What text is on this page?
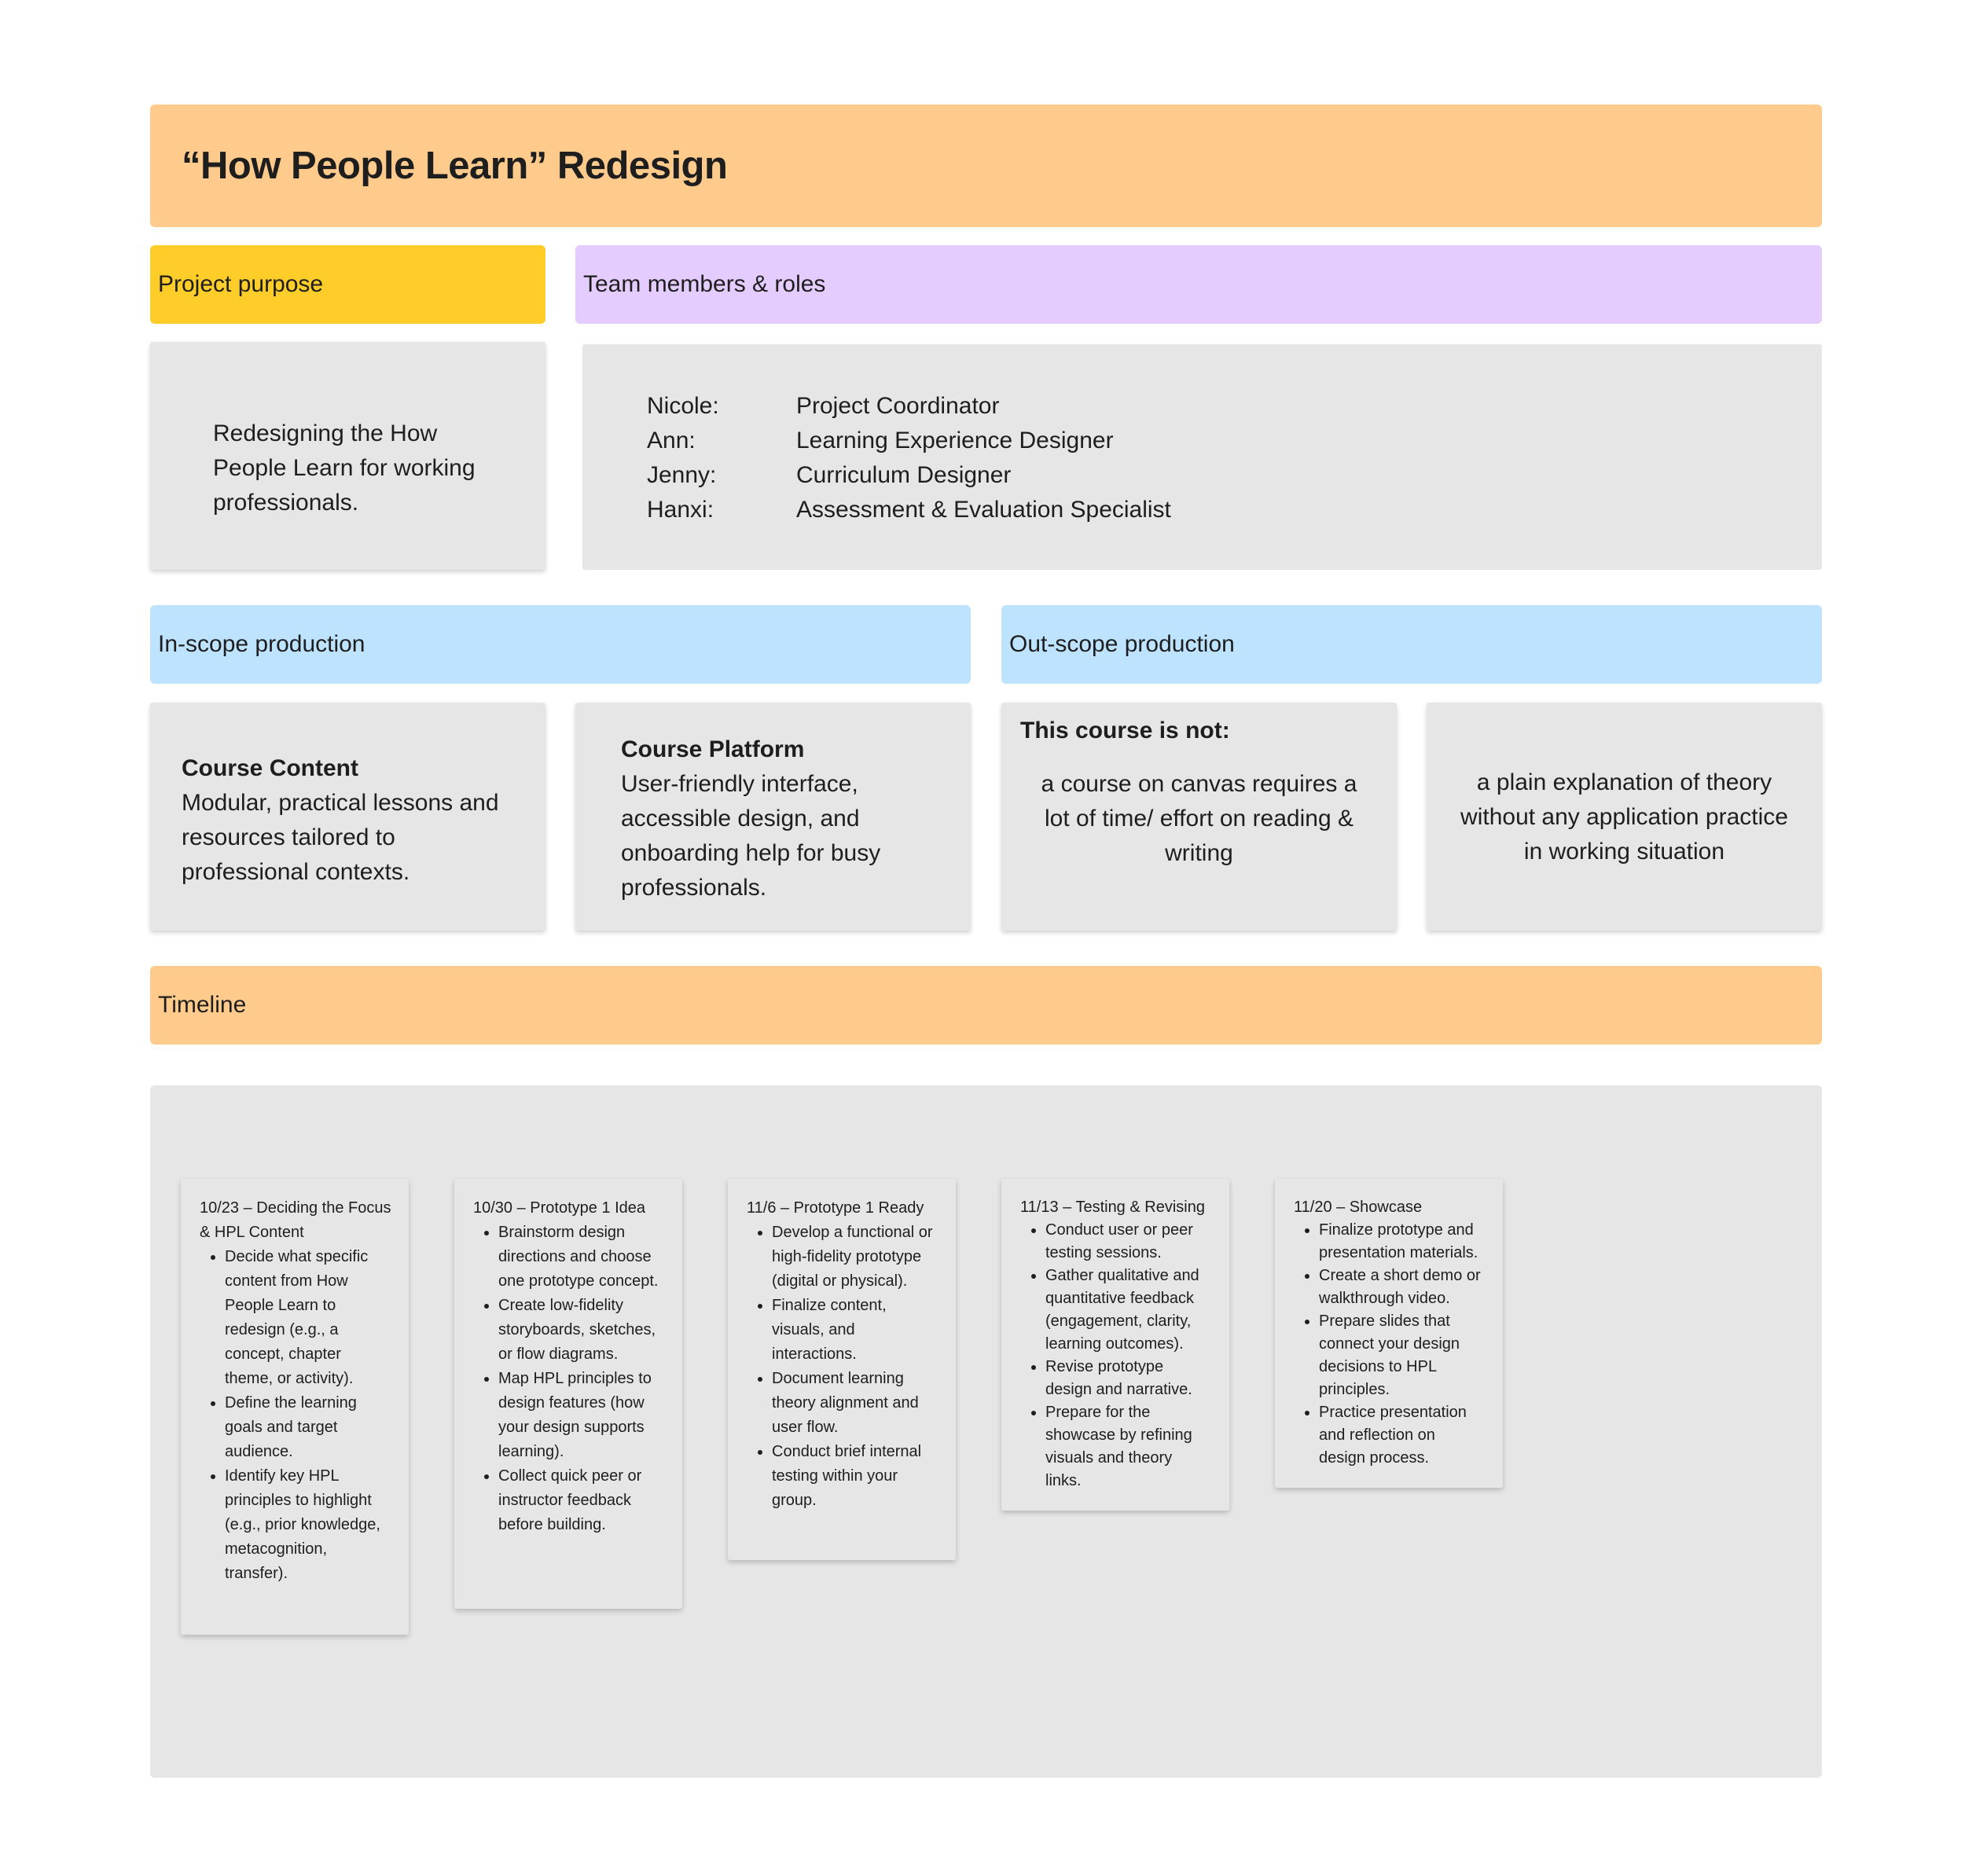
“How People Learn” Redesign
Project purpose
Redesigning the How People Learn for working professionals.
Team members & roles
Nicole:	Project Coordinator
Ann:	Learning Experience Designer
Jenny:	Curriculum Designer
Hanxi:	Assessment & Evaluation Specialist
In-scope production
Course Content
Modular, practical lessons and resources tailored to professional contexts.
Course Platform
User-friendly interface, accessible design, and onboarding help for busy professionals.
Out-scope production
This course is not:
a course on canvas requires a lot of time/ effort on reading & writing
a plain explanation of theory without any application practice in working situation
Timeline
10/23 – Deciding the Focus & HPL Content
• Decide what specific content from How People Learn to redesign (e.g., a concept, chapter theme, or activity).
• Define the learning goals and target audience.
• Identify key HPL principles to highlight (e.g., prior knowledge, metacognition, transfer).
10/30 – Prototype 1 Idea
• Brainstorm design directions and choose one prototype concept.
• Create low-fidelity storyboards, sketches, or flow diagrams.
• Map HPL principles to design features (how your design supports learning).
• Collect quick peer or instructor feedback before building.
11/6 – Prototype 1 Ready
• Develop a functional or high-fidelity prototype (digital or physical).
• Finalize content, visuals, and interactions.
• Document learning theory alignment and user flow.
• Conduct brief internal testing within your group.
11/13 – Testing & Revising
• Conduct user or peer testing sessions.
• Gather qualitative and quantitative feedback (engagement, clarity, learning outcomes).
• Revise prototype design and narrative.
• Prepare for the showcase by refining visuals and theory links.
11/20 – Showcase
• Finalize prototype and presentation materials.
• Create a short demo or walkthrough video.
• Prepare slides that connect your design decisions to HPL principles.
• Practice presentation and reflection on design process.
